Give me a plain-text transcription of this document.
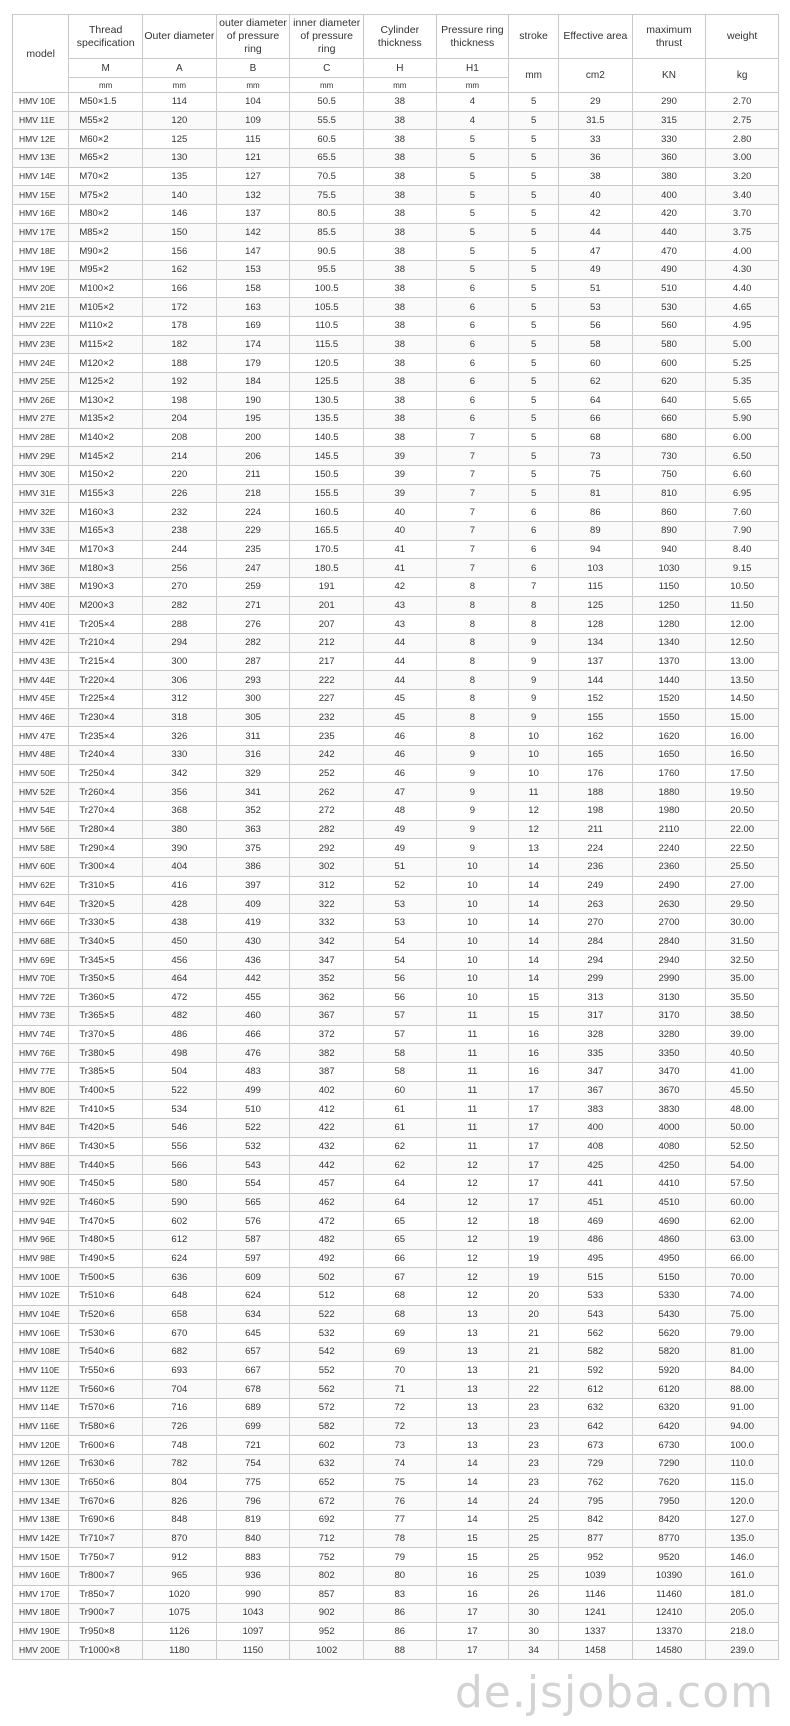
model	Thread specification	Outer diameter	outer diameter of pressure ring	inner diameter of pressure ring	Cylinder thickness	Pressure ring thickness	stroke	Effective area	maximum thrust	weight
	M	A	B	C	H	H1	mm	cm2	KN	kg
	mm	mm	mm	mm	mm	mm				
HMV 10E	M50×1.5	114	104	50.5	38	4	5	29	290	2.70
HMV 11E	M55×2	120	109	55.5	38	4	5	31.5	315	2.75
HMV 12E	M60×2	125	115	60.5	38	5	5	33	330	2.80
HMV 13E	M65×2	130	121	65.5	38	5	5	36	360	3.00
HMV 14E	M70×2	135	127	70.5	38	5	5	38	380	3.20
HMV 15E	M75×2	140	132	75.5	38	5	5	40	400	3.40
HMV 16E	M80×2	146	137	80.5	38	5	5	42	420	3.70
HMV 17E	M85×2	150	142	85.5	38	5	5	44	440	3.75
HMV 18E	M90×2	156	147	90.5	38	5	5	47	470	4.00
HMV 19E	M95×2	162	153	95.5	38	5	5	49	490	4.30
HMV 20E	M100×2	166	158	100.5	38	6	5	51	510	4.40
HMV 21E	M105×2	172	163	105.5	38	6	5	53	530	4.65
HMV 22E	M110×2	178	169	110.5	38	6	5	56	560	4.95
HMV 23E	M115×2	182	174	115.5	38	6	5	58	580	5.00
HMV 24E	M120×2	188	179	120.5	38	6	5	60	600	5.25
HMV 25E	M125×2	192	184	125.5	38	6	5	62	620	5.35
HMV 26E	M130×2	198	190	130.5	38	6	5	64	640	5.65
HMV 27E	M135×2	204	195	135.5	38	6	5	66	660	5.90
HMV 28E	M140×2	208	200	140.5	38	7	5	68	680	6.00
HMV 29E	M145×2	214	206	145.5	39	7	5	73	730	6.50
HMV 30E	M150×2	220	211	150.5	39	7	5	75	750	6.60
HMV 31E	M155×3	226	218	155.5	39	7	5	81	810	6.95
HMV 32E	M160×3	232	224	160.5	40	7	6	86	860	7.60
HMV 33E	M165×3	238	229	165.5	40	7	6	89	890	7.90
HMV 34E	M170×3	244	235	170.5	41	7	6	94	940	8.40
HMV 36E	M180×3	256	247	180.5	41	7	6	103	1030	9.15
HMV 38E	M190×3	270	259	191	42	8	7	115	1150	10.50
HMV 40E	M200×3	282	271	201	43	8	8	125	1250	11.50
HMV 41E	Tr205×4	288	276	207	43	8	8	128	1280	12.00
HMV 42E	Tr210×4	294	282	212	44	8	9	134	1340	12.50
HMV 43E	Tr215×4	300	287	217	44	8	9	137	1370	13.00
HMV 44E	Tr220×4	306	293	222	44	8	9	144	1440	13.50
HMV 45E	Tr225×4	312	300	227	45	8	9	152	1520	14.50
HMV 46E	Tr230×4	318	305	232	45	8	9	155	1550	15.00
HMV 47E	Tr235×4	326	311	235	46	8	10	162	1620	16.00
HMV 48E	Tr240×4	330	316	242	46	9	10	165	1650	16.50
HMV 50E	Tr250×4	342	329	252	46	9	10	176	1760	17.50
HMV 52E	Tr260×4	356	341	262	47	9	11	188	1880	19.50
HMV 54E	Tr270×4	368	352	272	48	9	12	198	1980	20.50
HMV 56E	Tr280×4	380	363	282	49	9	12	211	2110	22.00
HMV 58E	Tr290×4	390	375	292	49	9	13	224	2240	22.50
HMV 60E	Tr300×4	404	386	302	51	10	14	236	2360	25.50
HMV 62E	Tr310×5	416	397	312	52	10	14	249	2490	27.00
HMV 64E	Tr320×5	428	409	322	53	10	14	263	2630	29.50
HMV 66E	Tr330×5	438	419	332	53	10	14	270	2700	30.00
HMV 68E	Tr340×5	450	430	342	54	10	14	284	2840	31.50
HMV 69E	Tr345×5	456	436	347	54	10	14	294	2940	32.50
HMV 70E	Tr350×5	464	442	352	56	10	14	299	2990	35.00
HMV 72E	Tr360×5	472	455	362	56	10	15	313	3130	35.50
HMV 73E	Tr365×5	482	460	367	57	11	15	317	3170	38.50
HMV 74E	Tr370×5	486	466	372	57	11	16	328	3280	39.00
HMV 76E	Tr380×5	498	476	382	58	11	16	335	3350	40.50
HMV 77E	Tr385×5	504	483	387	58	11	16	347	3470	41.00
HMV 80E	Tr400×5	522	499	402	60	11	17	367	3670	45.50
HMV 82E	Tr410×5	534	510	412	61	11	17	383	3830	48.00
HMV 84E	Tr420×5	546	522	422	61	11	17	400	4000	50.00
HMV 86E	Tr430×5	556	532	432	62	11	17	408	4080	52.50
HMV 88E	Tr440×5	566	543	442	62	12	17	425	4250	54.00
HMV 90E	Tr450×5	580	554	457	64	12	17	441	4410	57.50
HMV 92E	Tr460×5	590	565	462	64	12	17	451	4510	60.00
HMV 94E	Tr470×5	602	576	472	65	12	18	469	4690	62.00
HMV 96E	Tr480×5	612	587	482	65	12	19	486	4860	63.00
HMV 98E	Tr490×5	624	597	492	66	12	19	495	4950	66.00
HMV 100E	Tr500×5	636	609	502	67	12	19	515	5150	70.00
HMV 102E	Tr510×6	648	624	512	68	12	20	533	5330	74.00
HMV 104E	Tr520×6	658	634	522	68	13	20	543	5430	75.00
HMV 106E	Tr530×6	670	645	532	69	13	21	562	5620	79.00
HMV 108E	Tr540×6	682	657	542	69	13	21	582	5820	81.00
HMV 110E	Tr550×6	693	667	552	70	13	21	592	5920	84.00
HMV 112E	Tr560×6	704	678	562	71	13	22	612	6120	88.00
HMV 114E	Tr570×6	716	689	572	72	13	23	632	6320	91.00
HMV 116E	Tr580×6	726	699	582	72	13	23	642	6420	94.00
HMV 120E	Tr600×6	748	721	602	73	13	23	673	6730	100.0
HMV 126E	Tr630×6	782	754	632	74	14	23	729	7290	110.0
HMV 130E	Tr650×6	804	775	652	75	14	23	762	7620	115.0
HMV 134E	Tr670×6	826	796	672	76	14	24	795	7950	120.0
HMV 138E	Tr690×6	848	819	692	77	14	25	842	8420	127.0
HMV 142E	Tr710×7	870	840	712	78	15	25	877	8770	135.0
HMV 150E	Tr750×7	912	883	752	79	15	25	952	9520	146.0
HMV 160E	Tr800×7	965	936	802	80	16	25	1039	10390	161.0
HMV 170E	Tr850×7	1020	990	857	83	16	26	1146	11460	181.0
HMV 180E	Tr900×7	1075	1043	902	86	17	30	1241	12410	205.0
HMV 190E	Tr950×8	1126	1097	952	86	17	30	1337	13370	218.0
HMV 200E	Tr1000×8	1180	1150	1002	88	17	34	1458	14580	239.0
de.jsjoba.com
